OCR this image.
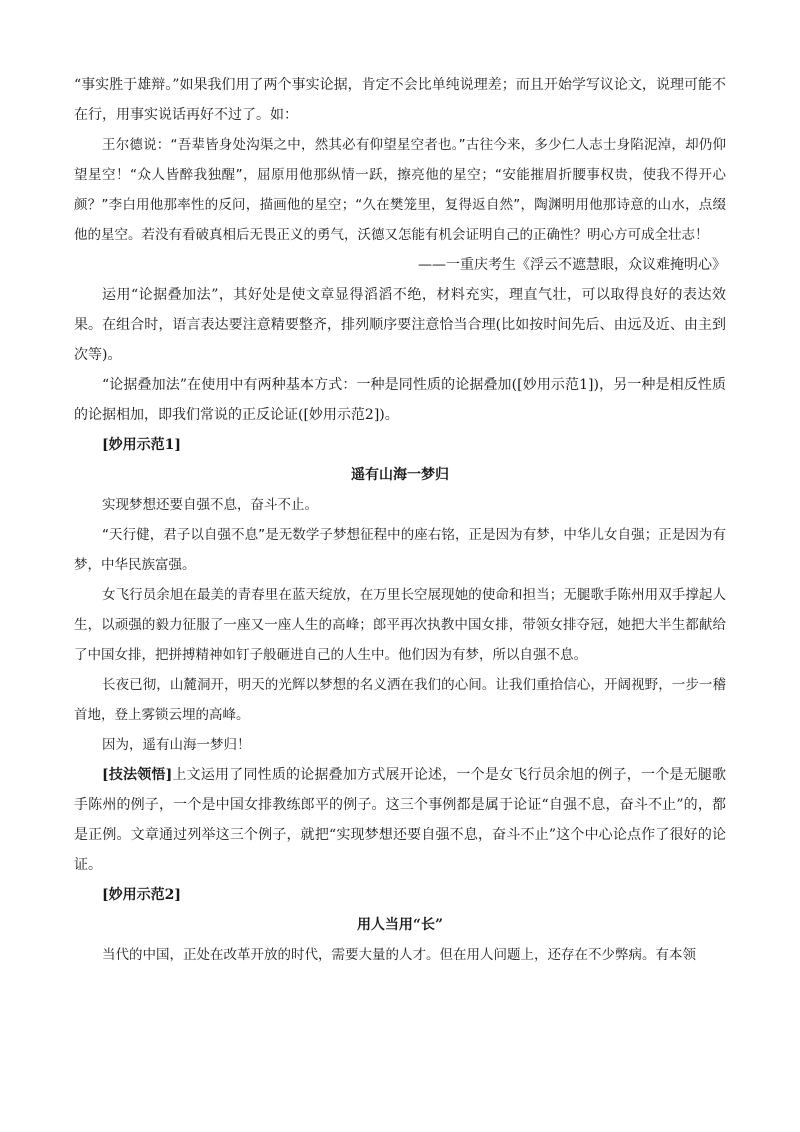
“事实胜于雄辩。”如果我们用了两个事实论据，肯定不会比单纯说理差；而且开始学写议论文，说理可能不在行，用事实说话再好不过了。如：

王尔德说：“吾辈皆身处沟渠之中，然其必有仰望星空者也。”古往今来，多少仁人志士身陷泥淖，却仍仰望星空！“众人皆醉我独醒”，屈原用他那纵情一跃，擦亮他的星空；“安能摧眉折腰事权贵，使我不得开心颜？”李白用他那率性的反问，描画他的星空；“久在樊笼里，复得返自然”，陶渊明用他那诗意的山水，点缀他的星空。若没有看破真相后无畏正义的勇气，沃德又怎能有机会证明自己的正确性？明心方可成全壮志！

——一重庆考生《浮云不遮慧眼，众议难掩明心》

运用“论据叠加法”，其好处是使文章显得滔滔不绝，材料充实，理直气壮，可以取得良好的表达效果。在组合时，语言表达要注意精要整齐，排列顺序要注意恰当合理(比如按时间先后、由远及近、由主到次等)。

“论据叠加法”在使用中有两种基本方式：一种是同性质的论据叠加([妙用示范1])，另一种是相反性质的论据相加，即我们常说的正反论证([妙用示范2])。

[妙用示范1]

遥有山海一梦归

实现梦想还要自强不息，奋斗不止。

“天行健，君子以自强不息”是无数学子梦想征程中的座右铭，正是因为有梦，中华儿女自强；正是因为有梦，中华民族富强。

女飞行员余旭在最美的青春里在蓝天绽放，在万里长空展现她的使命和担当；无腿歌手陈州用双手撑起人生，以顽强的毅力征服了一座又一座人生的高峰；郎平再次执教中国女排，带领女排夺冠，她把大半生都献给了中国女排，把拼搏精神如钉子般砸进自己的人生中。他们因为有梦，所以自强不息。

长夜已彻，山麓洞开，明天的光辉以梦想的名义洒在我们的心间。让我们重拾信心，开阔视野，一步一稽首地，登上雾锁云埋的高峰。

因为，遥有山海一梦归！

[技法领悟]上文运用了同性质的论据叠加方式展开论述，一个是女飞行员余旭的例子，一个是无腿歌手陈州的例子，一个是中国女排教练郎平的例子。这三个事例都是属于论证“自强不息，奋斗不止”的，都是正例。文章通过列举这三个例子，就把“实现梦想还要自强不息，奋斗不止”这个中心论点作了很好的论证。

[妙用示范2]

用人当用“长”

当代的中国，正处在改革开放的时代，需要大量的人才。但在用人问题上，还存在不少弊病。有本领
